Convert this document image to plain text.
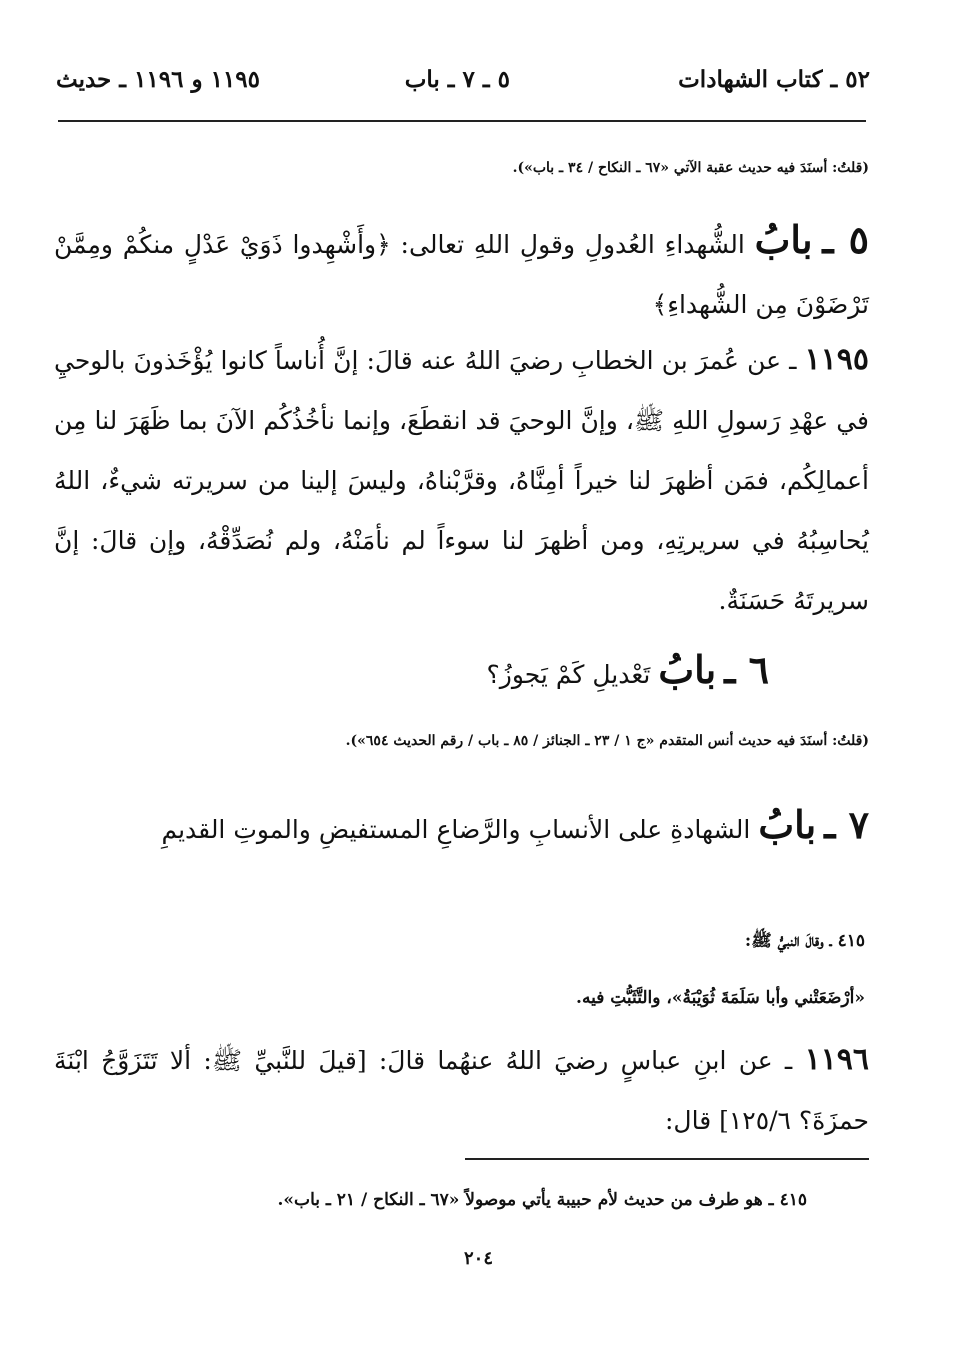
٥٢ ـ كتاب الشهادات
٥ ـ ٧ ـ باب
١١٩٥ و ١١٩٦ ـ حديث
(قلتُ: أسنَدَ فيه حديث عقبة الآتي «٦٧ ـ النكاح / ٣٤ ـ باب»).

٥ ـ بابُ الشُّهداءِ العُدولِ وقولِ اللهِ تعالى: ﴿وأَشْهِدوا ذَوَيْ عَدْلٍ منكُمْ ومِمَّنْ تَرْضَوْنَ مِن الشُّهداءِ﴾

١١٩٥ ـ عن عُمرَ بن الخطابِ رضيَ اللهُ عنه قالَ: إنَّ أُناساً كانوا يُؤْخَذونَ بالوحيِ في عهْدِ رَسولِ اللهِ ﷺ، وإنَّ الوحيَ قد انقطَعَ، وإنما نأخُذُكُم الآنَ بما ظَهَرَ لنا مِن أعمالِكُم، فمَن أظهرَ لنا خيراً أمِنَّاهُ، وقرَّبْناهُ، وليسَ إلينا من سريرته شيءٌ، اللهُ يُحاسِبُهُ في سريرتِهِ، ومن أظهرَ لنا سوءاً لم نأمَنْهُ، ولم نُصَدِّقْهُ، وإن قالَ: إنَّ سريرتَهُ حَسَنَةٌ.

٦ ـ بابُ تَعْديلِ كَمْ يَجوزُ؟

(قلتُ: أسنَدَ فيه حديث أنس المتقدم «ج ١ / ٢٣ ـ الجنائز / ٨٥ ـ باب / رقم الحديث ٦٥٤»).

٧ ـ بابُ الشهادةِ على الأنسابِ والرَّضاعِ المستفيضِ والموتِ القديمِ

٤١٥ ـ وقالَ النبيُّ ﷺ:
«أرْضَعَتْني وأبا سَلَمَةَ ثُوَيْبَةُ»، والتَّثَبُّتِ فيه.

١١٩٦ ـ عن ابنِ عباسٍ رضيَ اللهُ عنهُما قالَ: [قيلَ للنَّبيِّ ﷺ: ألا تَتَزَوَّجُ ابْنَةَ حمزَةَ؟ ١٢٥/٦] قال:

٤١٥ ـ هو طرف من حديث لأم حبيبة يأتي موصولاً «٦٧ ـ النكاح / ٢١ ـ باب».
٢٠٤
